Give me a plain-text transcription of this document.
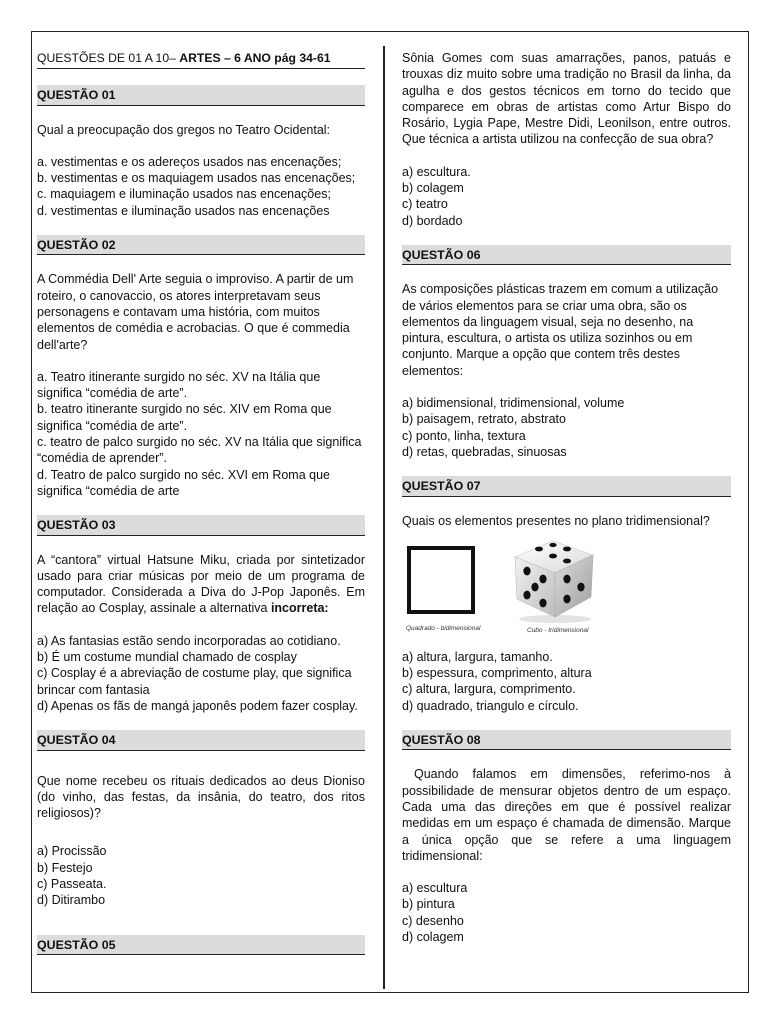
QUESTÕES DE 01 A 10– ARTES – 6 ANO pág 34-61

QUESTÃO 01

Qual a preocupação dos gregos no Teatro Ocidental:

a. vestimentas e os adereços usados nas encenações;
b. vestimentas e os maquiagem usados nas encenações;
c. maquiagem e iluminação usados nas encenações;
d. vestimentas e iluminação usados nas encenações

QUESTÃO 02

A Commédia Dell' Arte seguia o improviso. A partir de um roteiro, o canovaccio, os atores interpretavam seus personagens e contavam uma história, com muitos elementos de comédia e acrobacias. O que é commedia dell'arte?

a. Teatro itinerante surgido no séc. XV na Itália que significa “comédia de arte”.
b. teatro itinerante surgido no séc. XIV em Roma que significa “comédia de arte”.
c. teatro de palco surgido no séc. XV na Itália que significa “comédia de aprender”.
d. Teatro de palco surgido no séc. XVI em Roma que significa “comédia de arte

QUESTÃO 03

A “cantora” virtual Hatsune Miku, criada por sintetizador usado para criar músicas por meio de um programa de computador. Considerada a Diva do J-Pop Japonês. Em relação ao Cosplay, assinale a alternativa incorreta:

a) As fantasias estão sendo incorporadas ao cotidiano.
b) É um costume mundial chamado de cosplay
c) Cosplay é a abreviação de costume play, que significa brincar com fantasia
d) Apenas os fãs de mangá japonês podem fazer cosplay.

QUESTÃO 04

Que nome recebeu os rituais dedicados ao deus Dioniso (do vinho, das festas, da insânia, do teatro, dos ritos religiosos)?

a) Procissão
b) Festejo
c) Passeata.
d) Ditirambo

QUESTÃO 05

Sônia Gomes com suas amarrações, panos, patuás e trouxas diz muito sobre uma tradição no Brasil da linha, da agulha e dos gestos técnicos em torno do tecido que comparece em obras de artistas como Artur Bispo do Rosário, Lygia Pape, Mestre Didi, Leonilson, entre outros. Que técnica a artista utilizou na confecção de sua obra?

a) escultura.
b) colagem
c) teatro
d) bordado

QUESTÃO 06

As composições plásticas trazem em comum a utilização de vários elementos para se criar uma obra, são os elementos da linguagem visual, seja no desenho, na pintura, escultura, o artista os utiliza sozinhos ou em conjunto. Marque a opção que contem três destes elementos:

a) bidimensional, tridimensional, volume
b) paisagem, retrato, abstrato
c) ponto, linha, textura
d) retas, quebradas, sinuosas

QUESTÃO 07

Quais os elementos presentes no plano tridimensional?

Quadrado - bidimensional	Cubo - tridimensional
a) altura, largura, tamanho.
b) espessura, comprimento, altura
c) altura, largura, comprimento.
d) quadrado, triangulo e círculo.

QUESTÃO 08

Quando falamos em dimensões, referimo-nos à possibilidade de mensurar objetos dentro de um espaço. Cada uma das direções em que é possível realizar medidas em um espaço é chamada de dimensão. Marque a única opção que se refere a uma linguagem tridimensional:

a) escultura
b) pintura
c) desenho
d) colagem
